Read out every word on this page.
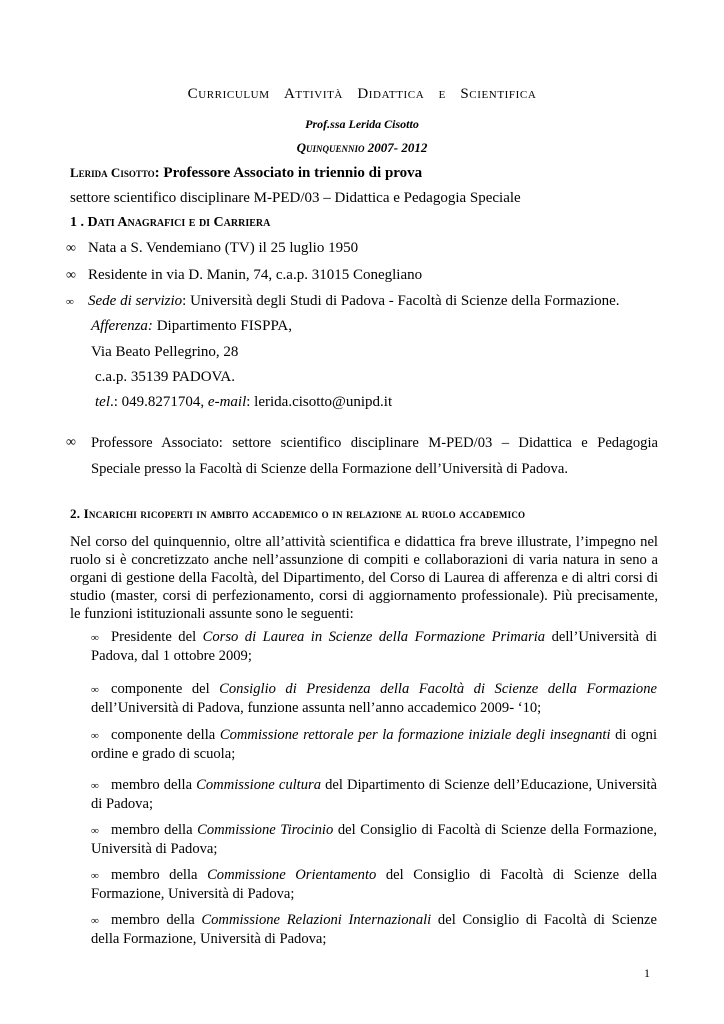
Curriculum Attività Didattica e Scientifica
Prof.ssa Lerida Cisotto
Quinquennio 2007- 2012
Lerida Cisotto: Professore Associato in triennio di prova
settore scientifico disciplinare M-PED/03 – Didattica e Pedagogia Speciale
1 . Dati Anagrafici e di Carriera
∞ Nata a S. Vendemiano (TV) il 25 luglio 1950
∞ Residente in via D. Manin, 74, c.a.p. 31015 Conegliano
∞ Sede di servizio: Università degli Studi di Padova - Facoltà di Scienze della Formazione.
Afferenza: Dipartimento FISPPA,
Via Beato Pellegrino, 28
c.a.p. 35139 PADOVA.
tel.: 049.8271704, e-mail: lerida.cisotto@unipd.it
∞	Professore Associato: settore scientifico disciplinare M-PED/03 – Didattica e Pedagogia Speciale presso la Facoltà di Scienze della Formazione dell’Università di Padova.
2. Incarichi ricoperti in ambito accademico o in relazione al ruolo accademico
Nel corso del quinquennio, oltre all’attività scientifica e didattica fra breve illustrate, l’impegno nel ruolo si è concretizzato anche nell’assunzione di compiti e collaborazioni di varia natura in seno a organi di gestione della Facoltà, del Dipartimento, del Corso di Laurea di afferenza e di altri corsi di studio (master, corsi di perfezionamento, corsi di aggiornamento professionale). Più precisamente, le funzioni istituzionali assunte sono le seguenti:
∞ Presidente del Corso di Laurea in Scienze della Formazione Primaria dell’Università di Padova, dal 1 ottobre 2009;
∞ componente del Consiglio di Presidenza della Facoltà di Scienze della Formazione dell’Università di Padova, funzione assunta nell’anno accademico 2009- ‘10;
∞ componente della Commissione rettorale per la formazione iniziale degli insegnanti di ogni ordine e grado di scuola;
∞ membro della Commissione cultura del Dipartimento di Scienze dell’Educazione, Università di Padova;
∞ membro della Commissione Tirocinio del Consiglio di Facoltà di Scienze della Formazione, Università di Padova;
∞ membro della Commissione Orientamento del Consiglio di Facoltà di Scienze della Formazione, Università di Padova;
∞ membro della Commissione Relazioni Internazionali del Consiglio di Facoltà di Scienze della Formazione, Università di Padova;
1
